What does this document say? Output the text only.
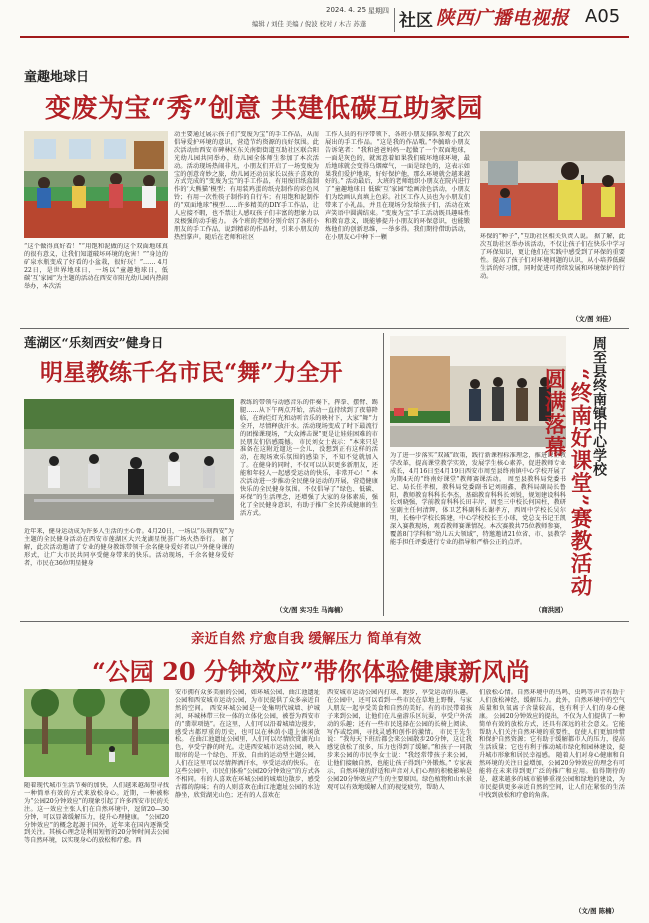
2024. 4. 25 星期四
编辑 / 刘佳 美编 / 倪波 校对 / 木吉 苏蓬 社区 陕西广播电视报 A05
童趣地球日
变废为宝“秀”创意 共建低碳互助家园
“这个做得真好看！”“用饱和泥做的这个双面地球真的很有意义，让我们知道破坏环境的危害！”“身边的矿泉水瓶变成了好看的小盆栽，很好玩！”…… 4月22日，是世界地球日，一场以“童趣地球日，低碳‘互’家园”为主题的活动在西安市阳光幼儿园内热闹举办，本次活
动主要通过展示孩子们“变废为宝”的手工作品，从而倡导爱护环境的意识，营造节约资源的良好氛围。此次活动由西安市碑林区东关南街街道互助社区联合阳光幼儿园共同举办，幼儿园全体师生参加了本次活动。活动现场热闹非凡，小朋友们开启了一场变废为宝的创意奇妙之旅，幼儿园还动员家长以孩子喜欢的方式完成的“变废为宝”的手工作品，有用废旧纸盒制作的‘大熊猫’模型；有用装鸡蛋的纸壳制作的彩色风铃；有用一次性筷子制作的自行车；有用饱和泥制作的“双面地球”模型……许多精美的DIY手工作品，让人应接不暇，也不禁让人感叹孩子们丰富的想象力以及极强的动手能力。 各个班的老师分别介绍了各班小朋友的手工作品，说到精彩的作品时，引来小朋友的热烈掌声。随后在老师和社区
工作人员的有序带领下，各班小朋友排队参观了此次展出的手工作品。“这是我的作品哦。”李毓晗小朋友告诉笔者：“我和爸爸妈妈一起做了一个双面地球，一面是灰色的，就寓意着如果我们破坏地球环境，最后地球就会变得乌烟瘴气，一面是绿色的，这表示如果我们爱护地球，好好保护他，那么环境就会越来越好的。” 活动最后，大班的老师组织小朋友在院内进行了“童趣地球日 低碳‘互’家园”绘画涂色活动，小朋友们为绘画认真填上色彩。社区工作人员也为小朋友们带来了小礼品，并且在现场分发给孩子们，活动在欢声笑语中圆满结束。“变废为宝”手工活动既具趣味性和教育意义，既能够提升小朋友的环保意识，也能锻炼他们的创新思维，一举多得。我们期待借助活动，在小朋友心中种下一颗	环保的“种子”，”互助社区相关负责人说。 据了解，此次互助社区举办该活动，不仅让孩子们在快乐中学习了环保知识，更让他们在实践中感受到了环保的重要性。提高了孩子们对环境问题的认识，从小培养低碳生活的好习惯，同时促进可持续发展和环境保护的行动。
（文/图 刘佳）
莲湖区“乐刻西安”健身日
明星教练千名市民“舞”力全开
近年来，健身运动成为许多人生活的主心骨。4月20日，一场以“乐刻西安”为主题的全民健身活动在西安市莲湖区大兴龙湖星悦荟广场火热举行。 据了解，此次活动邀请了专业的健身教练带领千余名健身爱好者以户外健身课的形式，让广大市民共同享受健身带来的快乐。活动现场，千余名健身爱好者，市民在36位明星健身
教练的带领与动感音乐的伴奏下，挥拳、摆臂、踢腿……从下午两点开始，活动一直持续到了夜幕降临，在绚烂灯光和动听音乐的映衬下，大家“舞”力全开，尽情释放汗水。活动现场变成了时下最流行的团操课现场，“大众搏击课”更是让娃娃困难的市民朋友们倍感震撼。 市民刘女士表示：“本来只是准备在这附近遛达一会儿，没想到正有这样的活动，在现场欢乐氛围的感染下，不知不觉就加入了。在健身的同时，不仅可以认识更多新朋友，还能和年轻人一起感受运动的快乐，非常开心！” 本次活动进一步推动全民健身运动的开展，营造健康快乐的全民健身氛围。不仅倡导了“绿色、低碳、环保”的生活理念，还增强了大家的身体素质，强化了全民健身意识，有助于推广全民养成健康的生活方式。
（文/图 实习生 马海楠）
为了进一步落实“双减”政策，践行新课程标准理念，推进课堂教学改革，提高课堂教学实效，发展学生核心素养，促进教师专业成长，4月16日至4月19日西安市周至县终南镇中心学校开展了为期4天的“终南好课堂”教师赛课活动。 周至县教科局党委书记、局长任孝根，教科局党委副书记刘雨鑫，教科局副局长鲁阳，教师教育科科长李杰，基础教育科科长刘锐，规划建设科科长刘晓强，学前教育科科长田丰岸，周至三中校长何国柱，教研室副主任何清辉，体卫艺科副科长谢孝方，西周中学校长吴尔明，长杨中学校长陈建，中心学校校长王小球，党总支书记王凯深入赛教现场，观看教师赛课情况。本次赛教共75位教师参赛，覆盖8门学科和“幼儿五大领域”，特邀邀请21位省、市、县教学能手担任评委进行专业的指导和严格公正的点评。
（商洪园）
周至县终南镇中心学校
“终南好课堂”赛教活动圆满落幕
亲近自然 疗愈自我 缓解压力 简单有效
“公园 20 分钟效应”带你体验健康新风尚
随着现代城市生活节奏的加快，人们越来越渴望寻找一种简单有效的方式来放松身心。近期，一种被称为“公园20分钟效应”的现象引起了许多西安市民的关注。这一效应主张人们在自然环境中，逗留20—30分钟，可以显著缓解压力，提升心理健康。 “公园20分钟效应”的概念起源于国外，近年来在国内逐渐受到关注。其核心理念是利用短暂的20分钟时间去公园等自然环境，以实现身心的放松和疗愈。西
安市拥有众多美丽的公园，如环城公园、曲江池遗址公园和西安城市运动公园，为市民提供了众多亲近自然的空间。 西安环城公园是一处集明代城墙、护城河、环城林带三位一体的立体化公园，被誉为西安市的“翡翠项链”。在这里，人们可以沿着城墙边漫步，感受古都厚重的历史，也可以在林荫小道上休闲放松。 在曲江池遗址公园里，人们可以尽情欣赏湖光山色，享受宁静的时光。走进西安城市运动公园，映入眼帘的是一个绿色、开放、自由的运动型主题公园，人们在这里可以尽情挥洒汗水，享受运动的快乐。 在这些公园中，市民们体验“公园20分钟效应”的方式各不相同。有的人喜欢在环城公园的城墙边散步，感受古都的韵味；有的人则喜欢在曲江池遗址公园的水边静坐，欣赏湖光山色；还有的人喜欢在
西安城市运动公园内打球、跑步，享受运动的乐趣。 在公园中，还可以看到一些市民在草地上野餐，与家人朋友一起享受美食和自然的美好。有的市民带着孩子来到公园，让他们在儿童游乐区玩耍，享受户外活动的乐趣；还有一些市民选择在公园的长椅上阅读、写作或绘画，寻找灵感和创作的激情。 市民王先生说：“我每天下班后都会来公园散步20分钟，这让我感觉放松了很多，压力也得到了缓解。”和孩子一同散步来公园的市民李女士说：“我经常带孩子来公园，让他们接触自然，也能让孩子得到户外锻炼。” 专家表示，自然环境的舒适和声音对人们心理的积极影响是公园20分钟效应产生的主要原因。绿色植物和山水景观可以有效地缓解人们的视觉疲劳，帮助人
们放松心情。自然环境中的鸟鸣、虫鸣等声音有助于人们放松神经，缓解压力。此外，自然环境中的空气质量和负氧离子含量较高，也有利于人们的身心健康。 公园20分钟效应的提出，不仅为人们提供了一种简单有效的放松方式，还具有深远的社会意义。它能帮助人们关注自然环境的重要性，促使人们更加珍惜和保护自然资源；它有助于缓解都市人的压力，提高生活质量；它也有利于推动城市绿化和园林建设，提升城市形象和居民幸福感。 随着人们对身心健康和自然环境的关注日益增加，公园20分钟效应的理念有可能将在未来得到更广泛的推广和应用。值得期待的是，越来越多的城市能够重视公园和绿地的建设，为市民提供更多亲近自然的空间，让人们在紧张的生活中找到放松和疗愈的角落。
（文/图 陈楠）
